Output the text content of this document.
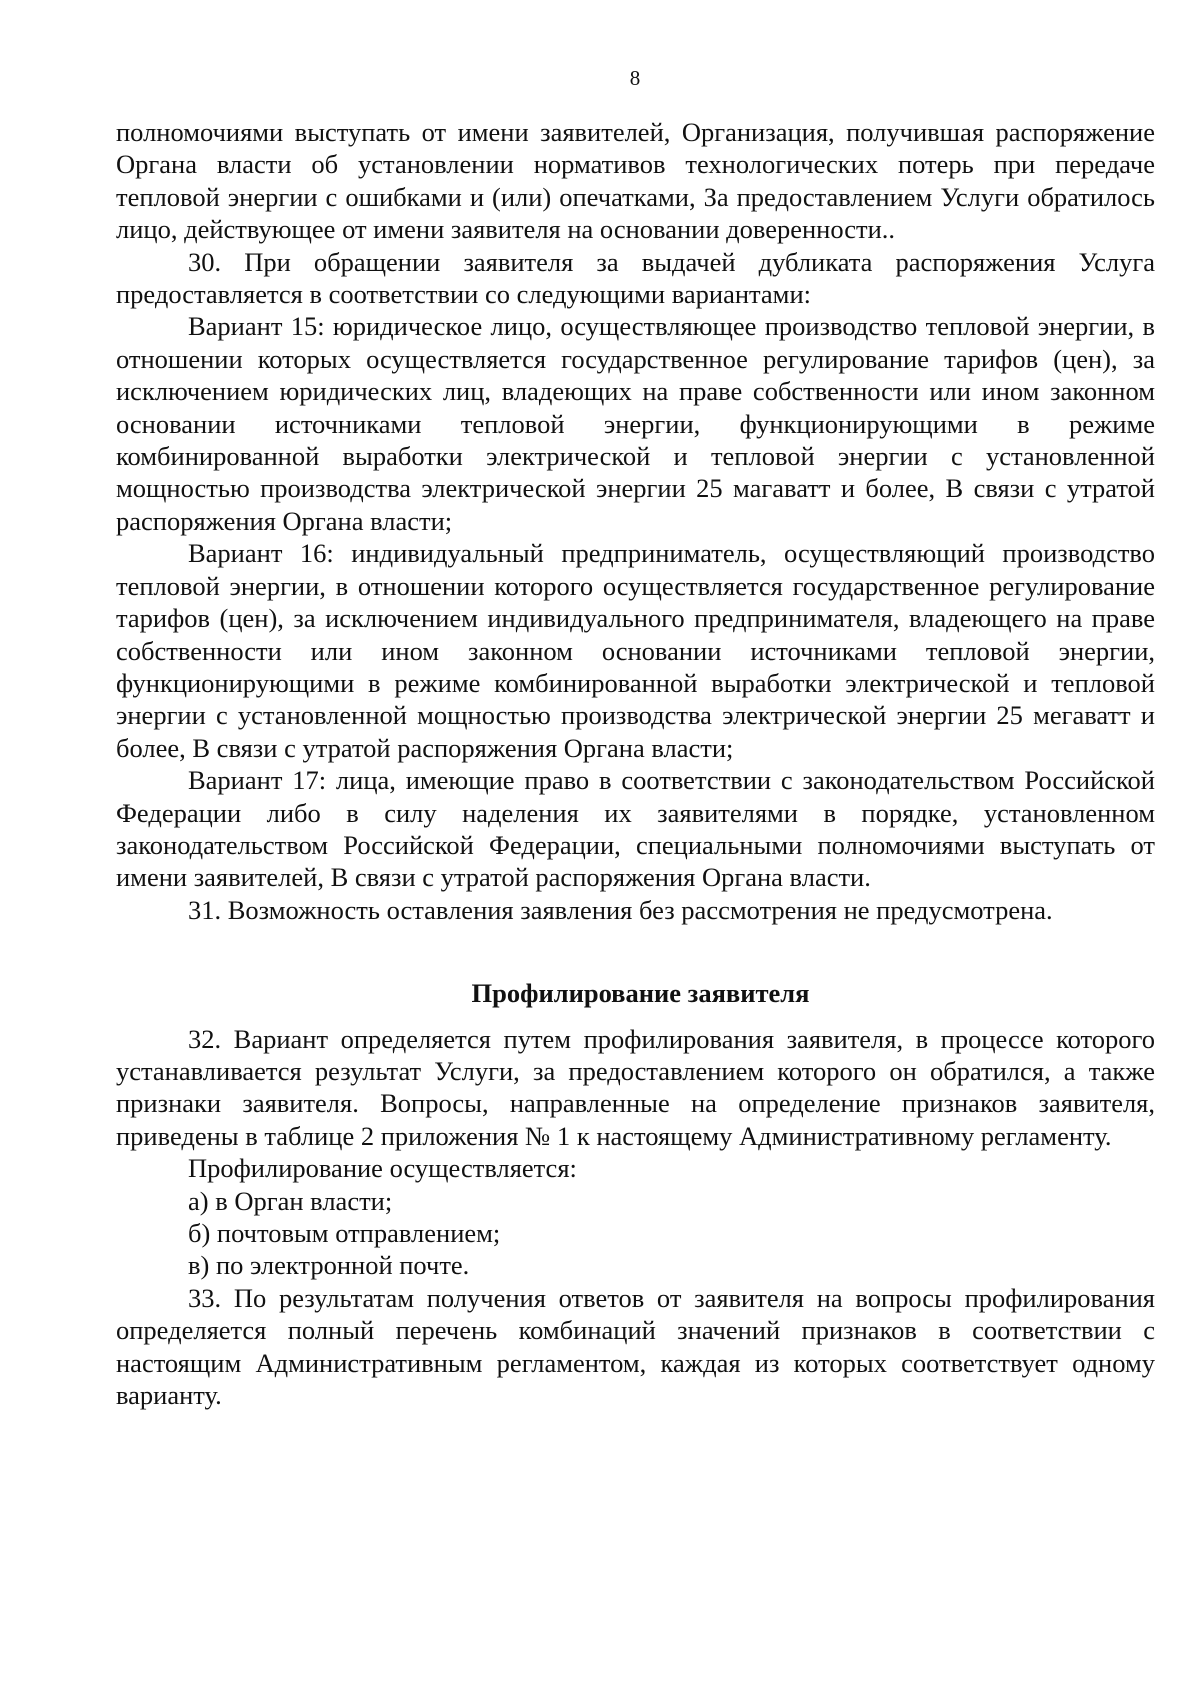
8

полномочиями выступать от имени заявителей, Организация, получившая распоряжение Органа власти об установлении нормативов технологических потерь при передаче тепловой энергии с ошибками и (или) опечатками, За предоставлением Услуги обратилось лицо, действующее от имени заявителя на основании доверенности..

30. При обращении заявителя за выдачей дубликата распоряжения Услуга предоставляется в соответствии со следующими вариантами:

Вариант 15: юридическое лицо, осуществляющее производство тепловой энергии, в отношении которых осуществляется государственное регулирование тарифов (цен), за исключением юридических лиц, владеющих на праве собственности или ином законном основании источниками тепловой энергии, функционирующими в режиме комбинированной выработки электрической и тепловой энергии с установленной мощностью производства электрической энергии 25 магаватт и более, В связи с утратой распоряжения Органа власти;

Вариант 16: индивидуальный предприниматель, осуществляющий производство тепловой энергии, в отношении которого осуществляется государственное регулирование тарифов (цен), за исключением индивидуального предпринимателя, владеющего на праве собственности или ином законном основании источниками тепловой энергии, функционирующими в режиме комбинированной выработки электрической и тепловой энергии с установленной мощностью производства электрической энергии 25 мегаватт и более, В связи с утратой распоряжения Органа власти;

Вариант 17: лица, имеющие право в соответствии с законодательством Российской Федерации либо в силу наделения их заявителями в порядке, установленном законодательством Российской Федерации, специальными полномочиями выступать от имени заявителей, В связи с утратой распоряжения Органа власти.

31. Возможность оставления заявления без рассмотрения не предусмотрена.

Профилирование заявителя

32. Вариант определяется путем профилирования заявителя, в процессе которого устанавливается результат Услуги, за предоставлением которого он обратился, а также признаки заявителя. Вопросы, направленные на определение признаков заявителя, приведены в таблице 2 приложения № 1 к настоящему Административному регламенту.

Профилирование осуществляется:

а) в Орган власти;

б) почтовым отправлением;

в) по электронной почте.

33. По результатам получения ответов от заявителя на вопросы профилирования определяется полный перечень комбинаций значений признаков в соответствии с настоящим Административным регламентом, каждая из которых соответствует одному варианту.
